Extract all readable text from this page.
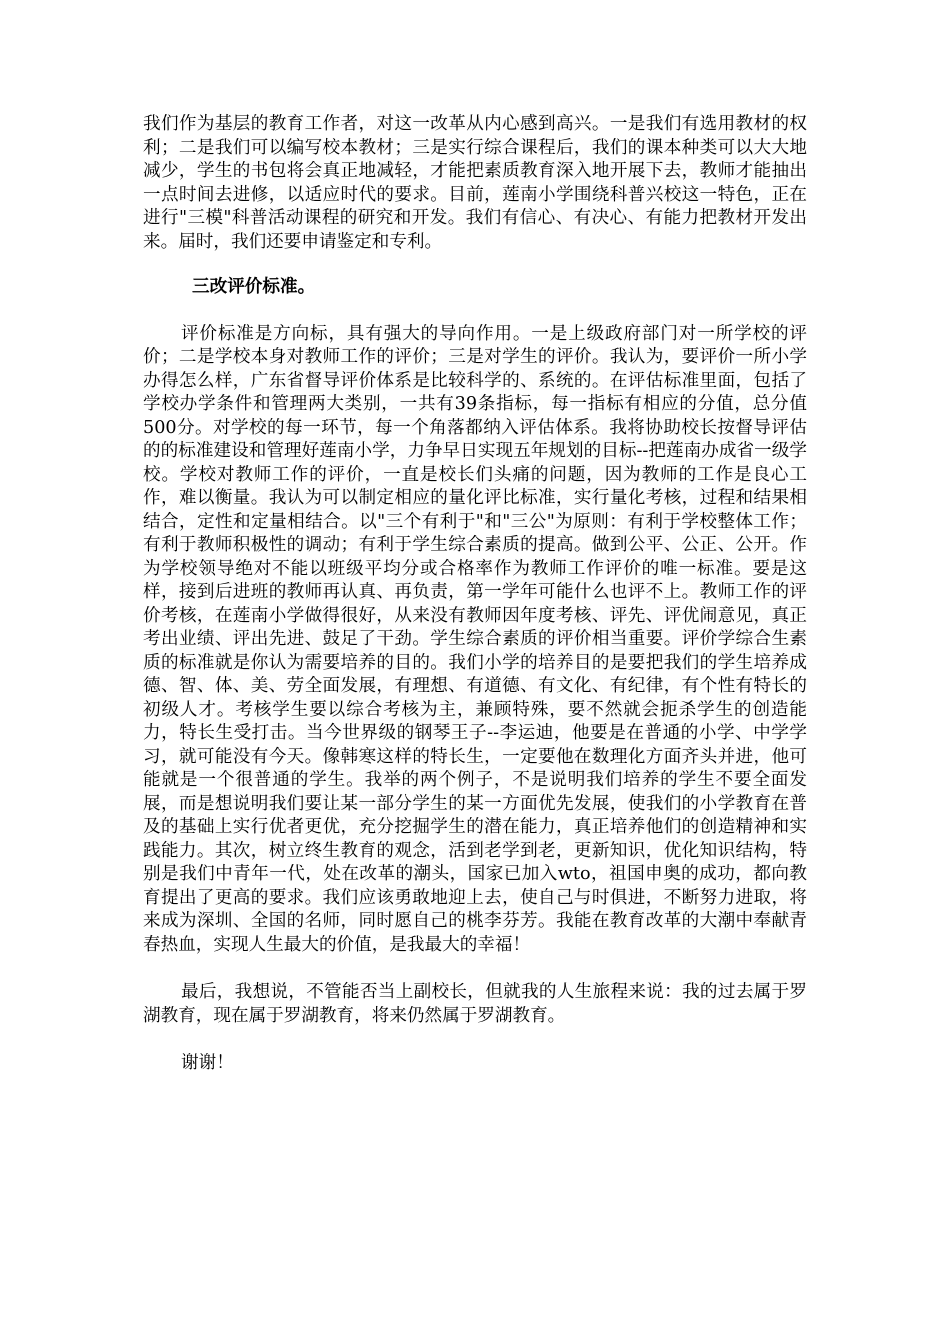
我们作为基层的教育工作者，对这一改革从内心感到高兴。一是我们有选用教材的权利；二是我们可以编写校本教材；三是实行综合课程后，我们的课本种类可以大大地减少，学生的书包将会真正地减轻，才能把素质教育深入地开展下去，教师才能抽出一点时间去进修，以适应时代的要求。目前，莲南小学围绕科普兴校这一特色，正在进行"三模"科普活动课程的研究和开发。我们有信心、有决心、有能力把教材开发出来。届时，我们还要申请鉴定和专利。

三改评价标准。

评价标准是方向标，具有强大的导向作用。一是上级政府部门对一所学校的评价；二是学校本身对教师工作的评价；三是对学生的评价。我认为，要评价一所小学办得怎么样，广东省督导评价体系是比较科学的、系统的。在评估标准里面，包括了学校办学条件和管理两大类别，一共有39条指标，每一指标有相应的分值，总分值500分。对学校的每一环节，每一个角落都纳入评估体系。我将协助校长按督导评估的的标准建设和管理好莲南小学，力争早日实现五年规划的目标--把莲南办成省一级学校。学校对教师工作的评价，一直是校长们头痛的问题，因为教师的工作是良心工作，难以衡量。我认为可以制定相应的量化评比标准，实行量化考核，过程和结果相结合，定性和定量相结合。以"三个有利于"和"三公"为原则：有利于学校整体工作；有利于教师积极性的调动；有利于学生综合素质的提高。做到公平、公正、公开。作为学校领导绝对不能以班级平均分或合格率作为教师工作评价的唯一标准。要是这样，接到后进班的教师再认真、再负责，第一学年可能什么也评不上。教师工作的评价考核，在莲南小学做得很好，从来没有教师因年度考核、评先、评优闹意见，真正考出业绩、评出先进、鼓足了干劲。学生综合素质的评价相当重要。评价学综合生素质的标准就是你认为需要培养的目的。我们小学的培养目的是要把我们的学生培养成德、智、体、美、劳全面发展，有理想、有道德、有文化、有纪律，有个性有特长的初级人才。考核学生要以综合考核为主，兼顾特殊，要不然就会扼杀学生的创造能力，特长生受打击。当今世界级的钢琴王子--李运迪，他要是在普通的小学、中学学习，就可能没有今天。像韩寒这样的特长生，一定要他在数理化方面齐头并进，他可能就是一个很普通的学生。我举的两个例子，不是说明我们培养的学生不要全面发展，而是想说明我们要让某一部分学生的某一方面优先发展，使我们的小学教育在普及的基础上实行优者更优，充分挖掘学生的潜在能力，真正培养他们的创造精神和实践能力。其次，树立终生教育的观念，活到老学到老，更新知识，优化知识结构，特别是我们中青年一代，处在改革的潮头，国家已加入wto，祖国申奥的成功，都向教育提出了更高的要求。我们应该勇敢地迎上去，使自己与时俱进，不断努力进取，将来成为深圳、全国的名师，同时愿自己的桃李芬芳。我能在教育改革的大潮中奉献青春热血，实现人生最大的价值，是我最大的幸福！

最后，我想说，不管能否当上副校长，但就我的人生旅程来说：我的过去属于罗湖教育，现在属于罗湖教育，将来仍然属于罗湖教育。

谢谢！
